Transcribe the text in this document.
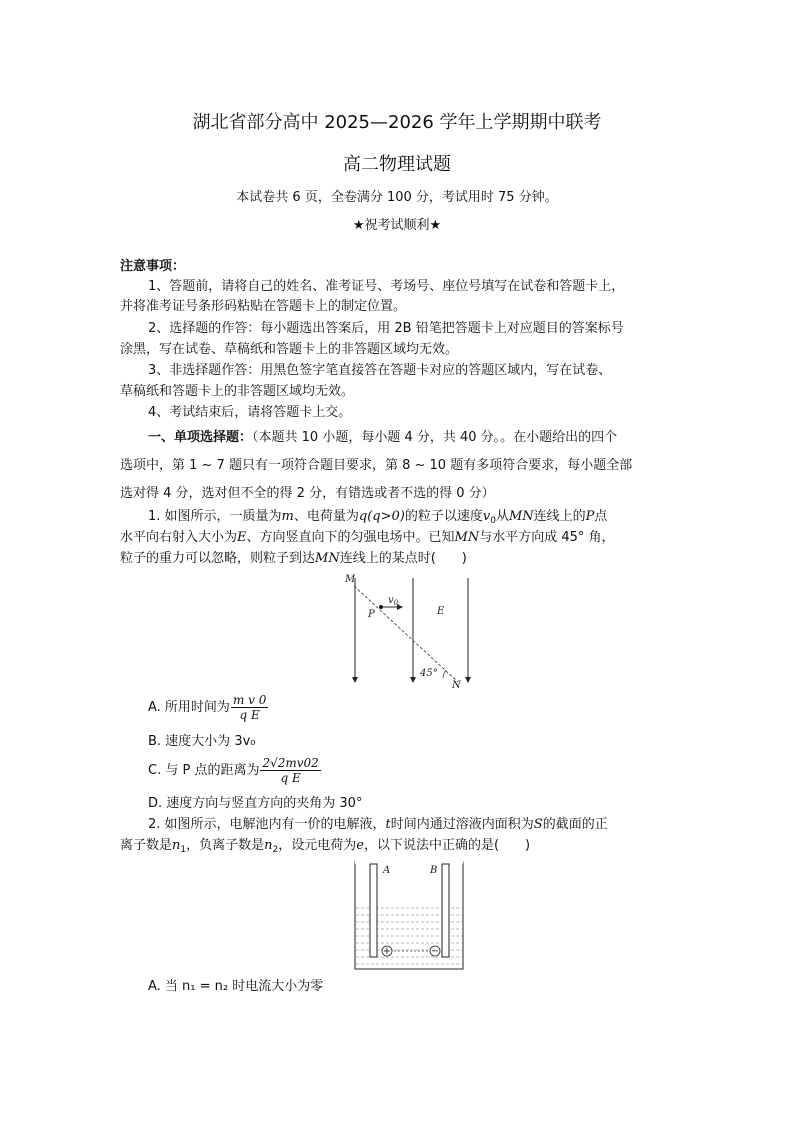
湖北省部分高中 2025—2026 学年上学期期中联考
高二物理试题
本试卷共 6 页，全卷满分 100 分，考试用时 75 分钟。
★祝考试顺利★
注意事项：
1、答题前，请将自己的姓名、准考证号、考场号、座位号填写在试卷和答题卡上，
并将准考证号条形码粘贴在答题卡上的制定位置。
2、选择题的作答：每小题选出答案后，用 2B 铅笔把答题卡上对应题目的答案标号
涂黑，写在试卷、草稿纸和答题卡上的非答题区域均无效。
3、非选择题作答：用黑色签字笔直接答在答题卡对应的答题区域内，写在试卷、
草稿纸和答题卡上的非答题区域均无效。
4、考试结束后，请将答题卡上交。
一、单项选择题：（本题共 10 小题，每小题 4 分，共 40 分。。在小题给出的四个
选项中，第 1 ~ 7 题只有一项符合题目要求，第 8 ~ 10 题有多项符合要求，每小题全部
选对得 4 分，选对但不全的得 2 分，有错选或者不选的得 0 分）
1. 如图所示，一质量为m、电荷量为q(q>0)的粒子以速度$v_0$从MN连线上的P点
水平向右射入大小为E、方向竖直向下的匀强电场中。已知MN与水平方向成 45° 角，
粒子的重力可以忽略，则粒子到达MN连线上的某点时(　　)
M
N
P	E
$v_0$
45°
A. 所用时间为 $\frac{\text{m v 0}}{\text{q E}}$
B. 速度大小为 3v₀
C. 与 P 点的距离为 $\frac{2√2mv02}{\text{q E}}$
D. 速度方向与竖直方向的夹角为 30°
2. 如图所示，电解池内有一价的电解液，t时间内通过溶液内面积为S的截面的正
离子数是$n_1$，负离子数是$n_2$，设元电荷为e，以下说法中正确的是(　　)
+	−
A	B
A. 当 n₁ = n₂ 时电流大小为零
